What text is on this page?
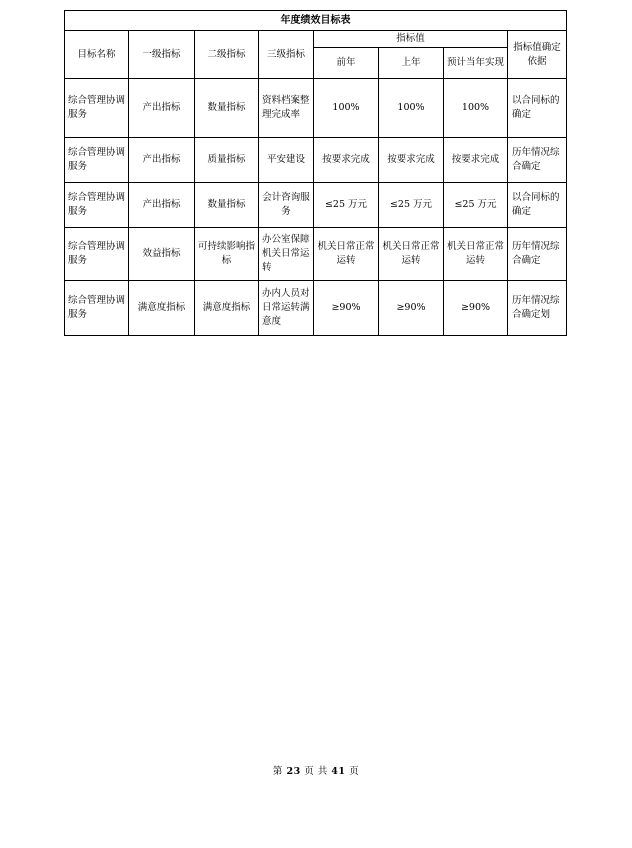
年度绩效目标表							
目标名称	一级指标	二级指标	三级指标	指标值			指标值确定依据
				前年	上年	预计当年实现	
综合管理协调服务	产出指标	数量指标	资料档案整理完成率	100%	100%	100%	以合同标的确定
综合管理协调服务	产出指标	质量指标	平安建设	按要求完成	按要求完成	按要求完成	历年情况综合确定
综合管理协调服务	产出指标	数量指标	会计咨询服务	≤25 万元	≤25 万元	≤25 万元	以合同标的确定
综合管理协调服务	效益指标	可持续影响指标	办公室保障机关日常运转	机关日常正常运转	机关日常正常运转	机关日常正常运转	历年情况综合确定
综合管理协调服务	满意度指标	满意度指标	办内人员对日常运转满意度	≥90%	≥90%	≥90%	历年情况综合确定划
第 23 页 共 41 页
